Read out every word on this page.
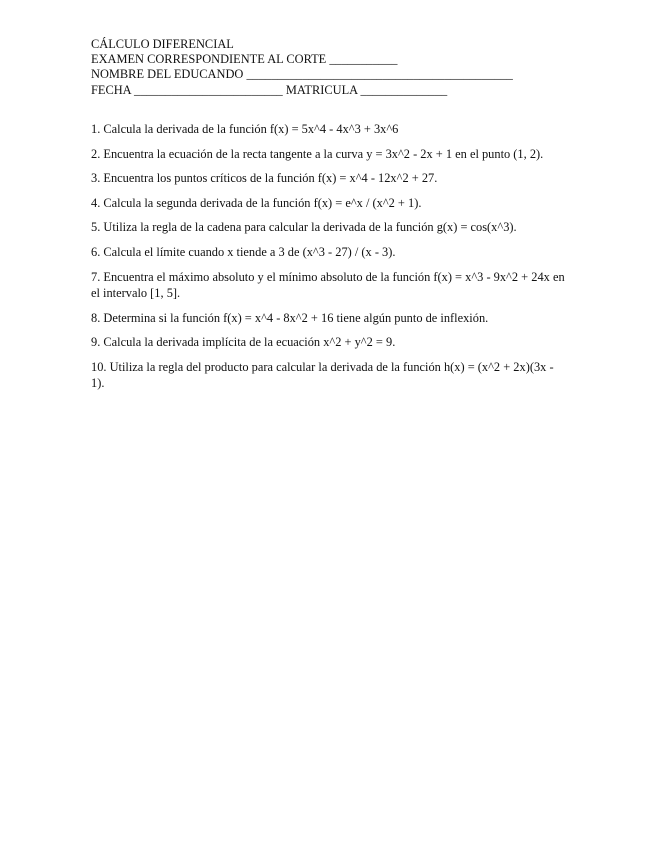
CÁLCULO DIFERENCIAL
EXAMEN CORRESPONDIENTE AL CORTE ___________
NOMBRE DEL EDUCANDO ___________________________________________
FECHA ________________________ MATRICULA ______________

1. Calcula la derivada de la función f(x) = 5x^4 - 4x^3 + 3x^6

2. Encuentra la ecuación de la recta tangente a la curva y = 3x^2 - 2x + 1 en el punto (1, 2).

3. Encuentra los puntos críticos de la función f(x) = x^4 - 12x^2 + 27.

4. Calcula la segunda derivada de la función f(x) = e^x / (x^2 + 1).

5. Utiliza la regla de la cadena para calcular la derivada de la función g(x) = cos(x^3).

6. Calcula el límite cuando x tiende a 3 de (x^3 - 27) / (x - 3).

7. Encuentra el máximo absoluto y el mínimo absoluto de la función f(x) = x^3 - 9x^2 + 24x en el intervalo [1, 5].

8. Determina si la función f(x) = x^4 - 8x^2 + 16 tiene algún punto de inflexión.

9. Calcula la derivada implícita de la ecuación x^2 + y^2 = 9.

10. Utiliza la regla del producto para calcular la derivada de la función h(x) = (x^2 + 2x)(3x - 1).
